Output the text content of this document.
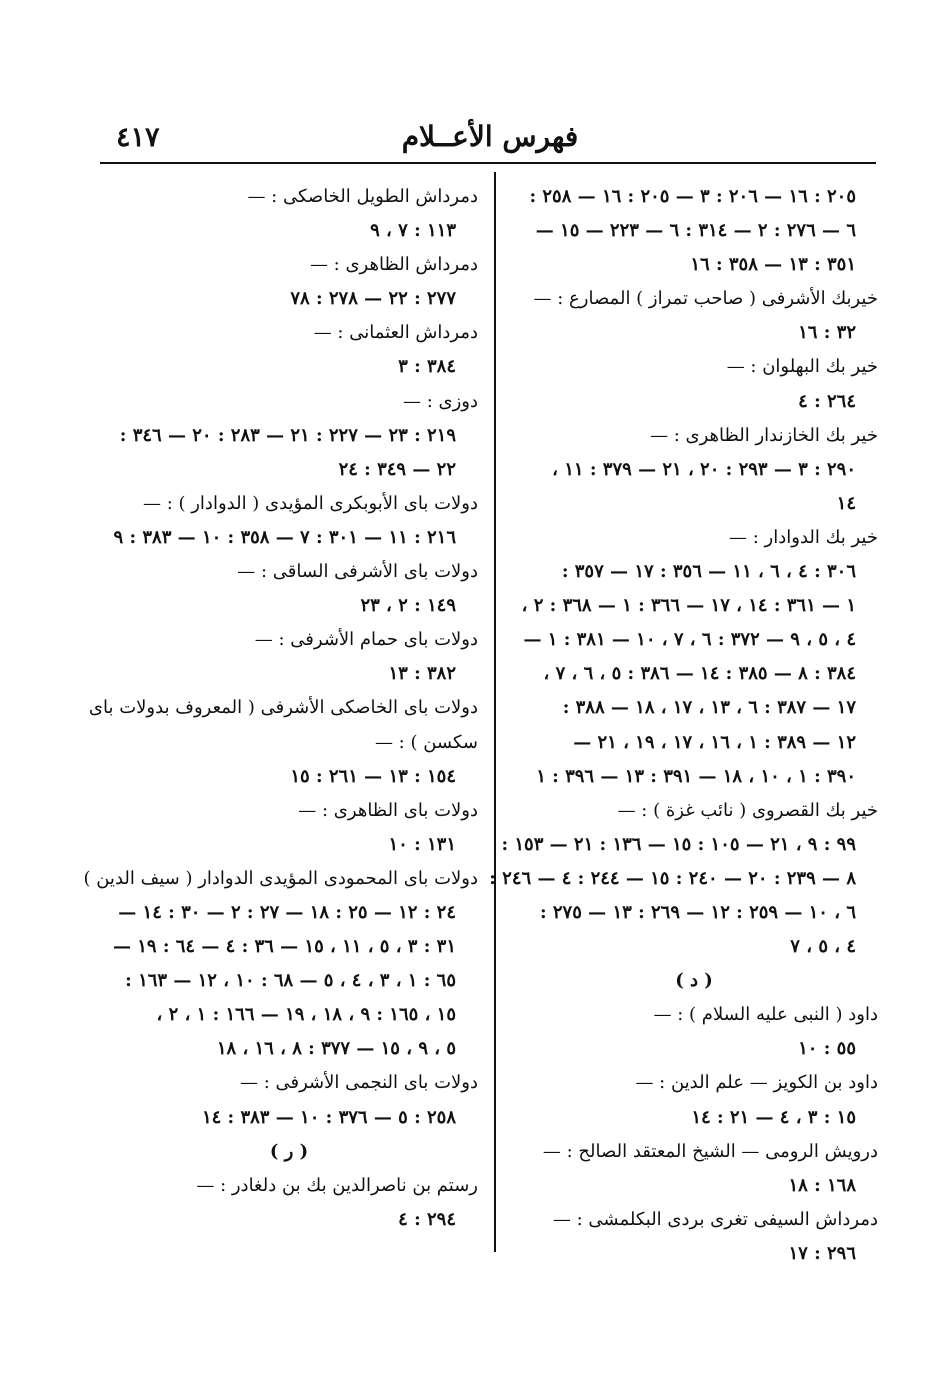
٤١٧	فهرس الأعــلام
٢٠٥ : ١٦ — ٢٠٦ : ٣ — ٢٠٥ : ١٦ — ٢٥٨ :
٦ — ٢٧٦ : ٢ — ٣١٤ : ٦ — ٢٢٣ — ١٥ —
٣٥١ : ١٣ — ٣٥٨ : ١٦
خيربك الأشرفى ( صاحب تمراز ) المصارع : —
٣٢ : ١٦
خير بك البهلوان : —
٢٦٤ : ٤
خير بك الخازندار الظاهرى : —
٢٩٠ : ٣ — ٢٩٣ : ٢٠ ، ٢١ — ٣٧٩ : ١١ ،
١٤
خير بك الدوادار : —
٣٠٦ : ٤ ، ٦ ، ١١ — ٣٥٦ : ١٧ — ٣٥٧ :
١ — ٣٦١ : ١٤ ، ١٧ — ٣٦٦ : ١ — ٣٦٨ : ٢ ،
٤ ، ٥ ، ٩ — ٣٧٢ : ٦ ، ٧ ، ١٠ — ٣٨١ : ١ —
٣٨٤ : ٨ — ٣٨٥ : ١٤ — ٣٨٦ : ٥ ، ٦ ، ٧ ،
١٧ — ٣٨٧ : ٦ ، ١٣ ، ١٧ ، ١٨ — ٣٨٨ :
١٢ — ٣٨٩ : ١ ، ١٦ ، ١٧ ، ١٩ ، ٢١ —
٣٩٠ : ١ ، ١٠ ، ١٨ — ٣٩١ : ١٣ — ٣٩٦ : ١
خير بك القصروى ( نائب غزة ) : —
٩٩ : ٩ ، ٢١ — ١٠٥ : ١٥ — ١٣٦ : ٢١ — ١٥٣ :
٨ — ٢٣٩ : ٢٠ — ٢٤٠ : ١٥ — ٢٤٤ : ٤ — ٢٤٦ :
٦ ، ١٠ — ٢٥٩ : ١٢ — ٢٦٩ : ١٣ — ٢٧٥ :
٤ ، ٥ ، ٧
( د )
داود ( النبى عليه السلام ) : —
٥٥ : ١٠
داود بن الكويز — علم الدين : —
١٥ : ٣ ، ٤ — ٢١ : ١٤
درويش الرومى — الشيخ المعتقد الصالح : —
١٦٨ : ١٨
دمرداش السيفى تغرى بردى البكلمشى : —
٢٩٦ : ١٧
دمرداش الطويل الخاصكى : —
١١٣ : ٧ ، ٩
دمرداش الظاهرى : —
٢٧٧ : ٢٢ — ٢٧٨ : ٧٨
دمرداش العثمانى : —
٣٨٤ : ٣
دوزى : —
٢١٩ : ٢٣ — ٢٢٧ : ٢١ — ٢٨٣ : ٢٠ — ٣٤٦ :
٢٢ — ٣٤٩ : ٢٤
دولات باى الأبوبكرى المؤيدى ( الدوادار ) : —
٢١٦ : ١١ — ٣٠١ : ٧ — ٣٥٨ : ١٠ — ٣٨٣ : ٩
دولات باى الأشرفى الساقى : —
١٤٩ : ٢ ، ٢٣
دولات باى حمام الأشرفى : —
٣٨٢ : ١٣
دولات باى الخاصكى الأشرفى ( المعروف بدولات باى
سكسن ) : —
١٥٤ : ١٣ — ٢٦١ : ١٥
دولات باى الظاهرى : —
١٣١ : ١٠
دولات باى المحمودى المؤيدى الدوادار ( سيف الدين )
٢٤ : ١٢ — ٢٥ : ١٨ — ٢٧ : ٢ — ٣٠ : ١٤ —
٣١ : ٣ ، ٥ ، ١١ ، ١٥ — ٣٦ : ٤ — ٦٤ : ١٩ —
٦٥ : ١ ، ٣ ، ٤ ، ٥ — ٦٨ : ١٠ ، ١٢ — ١٦٣ :
١٥ ، ١٦٥ : ٩ ، ١٨ ، ١٩ — ١٦٦ : ١ ، ٢ ،
٥ ، ٩ ، ١٥ — ٣٧٧ : ٨ ، ١٦ ، ١٨
دولات باى النجمى الأشرفى : —
٢٥٨ : ٥ — ٣٧٦ : ١٠ — ٣٨٣ : ١٤
( ر )
رستم بن ناصرالدين بك بن دلغادر : —
٢٩٤ : ٤
